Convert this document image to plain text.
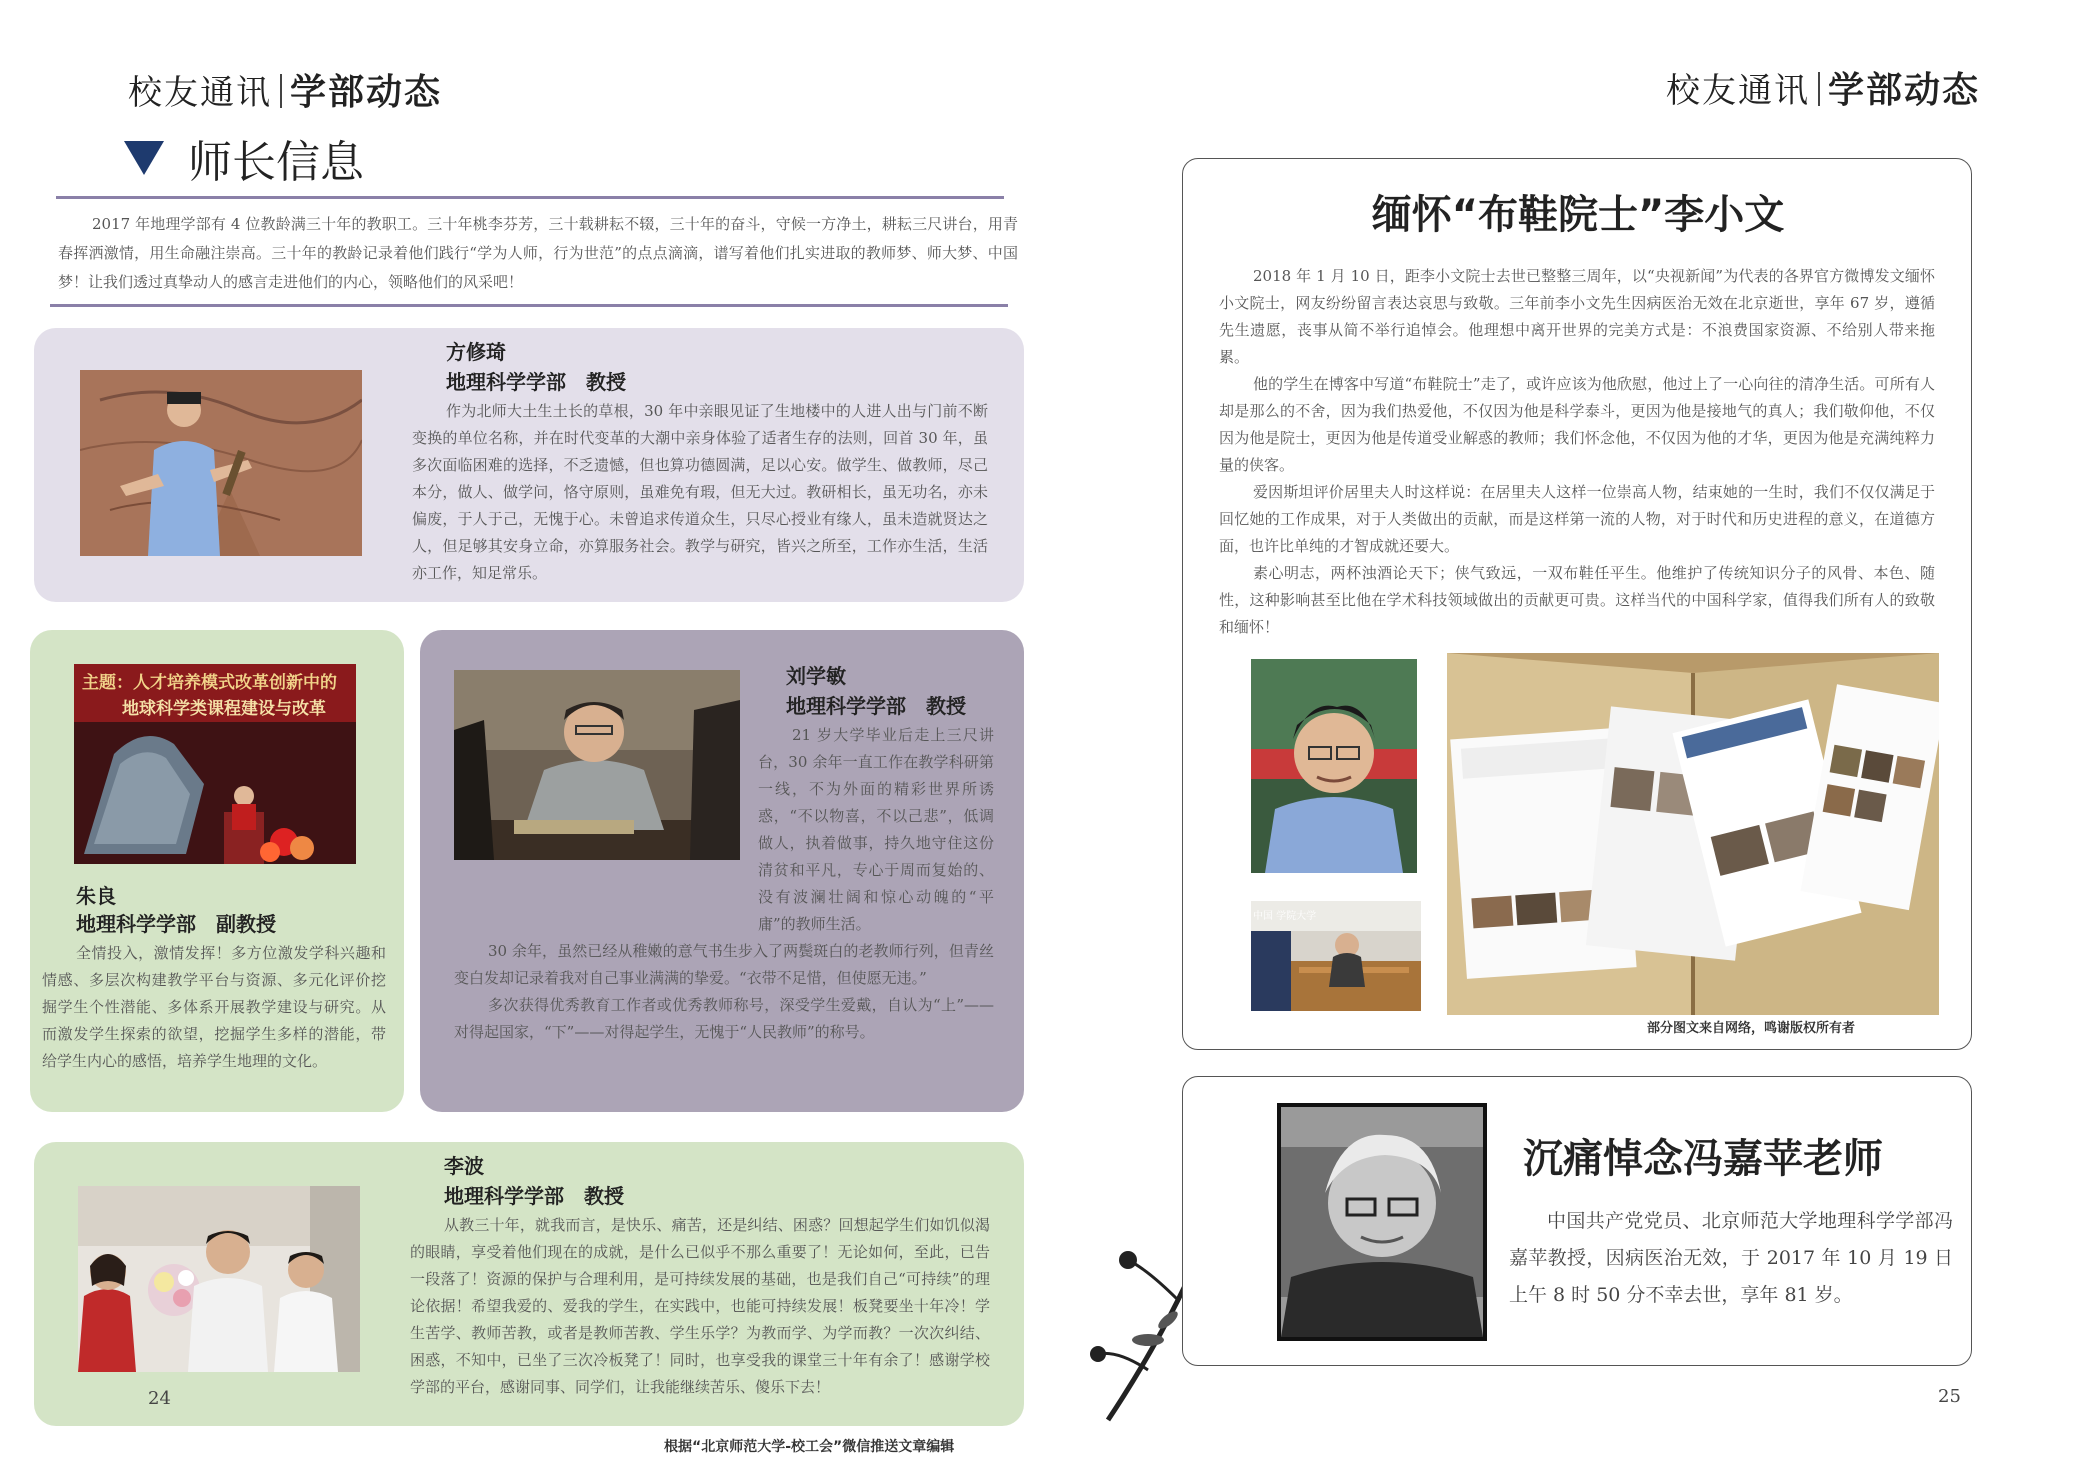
校友通讯 学部动态
师长信息
2017 年地理学部有 4 位教龄满三十年的教职工。三十年桃李芬芳，三十载耕耘不辍，三十年的奋斗，守候一方净土，耕耘三尺讲台，用青春挥洒激情，用生命融注崇高。三十年的教龄记录着他们践行“学为人师，行为世范”的点点滴滴，谱写着他们扎实进取的教师梦、师大梦、中国梦！让我们透过真挚动人的感言走进他们的内心，领略他们的风采吧！
方修琦
地理科学学部　教授
作为北师大土生土长的草根，30 年中亲眼见证了生地楼中的人进人出与门前不断变换的单位名称，并在时代变革的大潮中亲身体验了适者生存的法则，回首 30 年，虽多次面临困难的选择，不乏遗憾，但也算功德圆满，足以心安。做学生、做教师，尽己本分，做人、做学问，恪守原则，虽难免有瑕，但无大过。教研相长，虽无功名，亦未偏废，于人于己，无愧于心。未曾追求传道众生，只尽心授业有缘人，虽未造就贤达之人，但足够其安身立命，亦算服务社会。教学与研究，皆兴之所至，工作亦生活，生活亦工作，知足常乐。
主题：人才培养模式改革创新中的
地球科学类课程建设与改革
朱良
地理科学学部　副教授
全情投入，激情发挥！多方位激发学科兴趣和情感、多层次构建教学平台与资源、多元化评价挖掘学生个性潜能、多体系开展教学建设与研究。从而激发学生探索的欲望，挖掘学生多样的潜能，带给学生内心的感悟，培养学生地理的文化。
刘学敏
地理科学学部　教授
21 岁大学毕业后走上三尺讲台，30 余年一直工作在教学科研第一线，不为外面的精彩世界所诱惑，“不以物喜，不以己悲”，低调做人，执着做事，持久地守住这份清贫和平凡，专心于周而复始的、没有波澜壮阔和惊心动魄的“平庸”的教师生活。
30 余年，虽然已经从稚嫩的意气书生步入了两鬓斑白的老教师行列，但青丝变白发却记录着我对自己事业满满的挚爱。“衣带不足惜，但使愿无违。”
多次获得优秀教育工作者或优秀教师称号，深受学生爱戴，自认为“上”——对得起国家，“下”——对得起学生，无愧于“人民教师”的称号。
李波
地理科学学部　教授
从教三十年，就我而言，是快乐、痛苦，还是纠结、困惑？回想起学生们如饥似渴的眼睛，享受着他们现在的成就，是什么已似乎不那么重要了！无论如何，至此，已告一段落了！资源的保护与合理利用，是可持续发展的基础，也是我们自己“可持续”的理论依据！希望我爱的、爱我的学生，在实践中，也能可持续发展！板凳要坐十年冷！学生苦学、教师苦教，或者是教师苦教、学生乐学？为教而学、为学而教？一次次纠结、困惑，不知中，已坐了三次冷板凳了！同时，也享受我的课堂三十年有余了！感谢学校学部的平台，感谢同事、同学们，让我能继续苦乐、傻乐下去！
24
根据“北京师范大学-校工会”微信推送文章编辑
校友通讯 学部动态
缅怀“布鞋院士”李小文
2018 年 1 月 10 日，距李小文院士去世已整整三周年，以“央视新闻”为代表的各界官方微博发文缅怀小文院士，网友纷纷留言表达哀思与致敬。三年前李小文先生因病医治无效在北京逝世，享年 67 岁，遵循先生遗愿，丧事从简不举行追悼会。他理想中离开世界的完美方式是：不浪费国家资源、不给别人带来拖累。
他的学生在博客中写道“布鞋院士”走了，或许应该为他欣慰，他过上了一心向往的清净生活。可所有人却是那么的不舍，因为我们热爱他，不仅因为他是科学泰斗，更因为他是接地气的真人；我们敬仰他，不仅因为他是院士，更因为他是传道受业解惑的教师；我们怀念他，不仅因为他的才华，更因为他是充满纯粹力量的侠客。
爱因斯坦评价居里夫人时这样说：在居里夫人这样一位崇高人物，结束她的一生时，我们不仅仅满足于回忆她的工作成果，对于人类做出的贡献，而是这样第一流的人物，对于时代和历史进程的意义，在道德方面，也许比单纯的才智成就还要大。
素心明志，两杯浊酒论天下；侠气致远，一双布鞋任平生。他维护了传统知识分子的风骨、本色、随性，这种影响甚至比他在学术科技领域做出的贡献更可贵。这样当代的中国科学家，值得我们所有人的致敬和缅怀！
中国 学院大学
部分图文来自网络，鸣谢版权所有者
沉痛悼念冯嘉苹老师
中国共产党党员、北京师范大学地理科学学部冯嘉苹教授，因病医治无效，于 2017 年 10 月 19 日上午 8 时 50 分不幸去世，享年 81 岁。
25
